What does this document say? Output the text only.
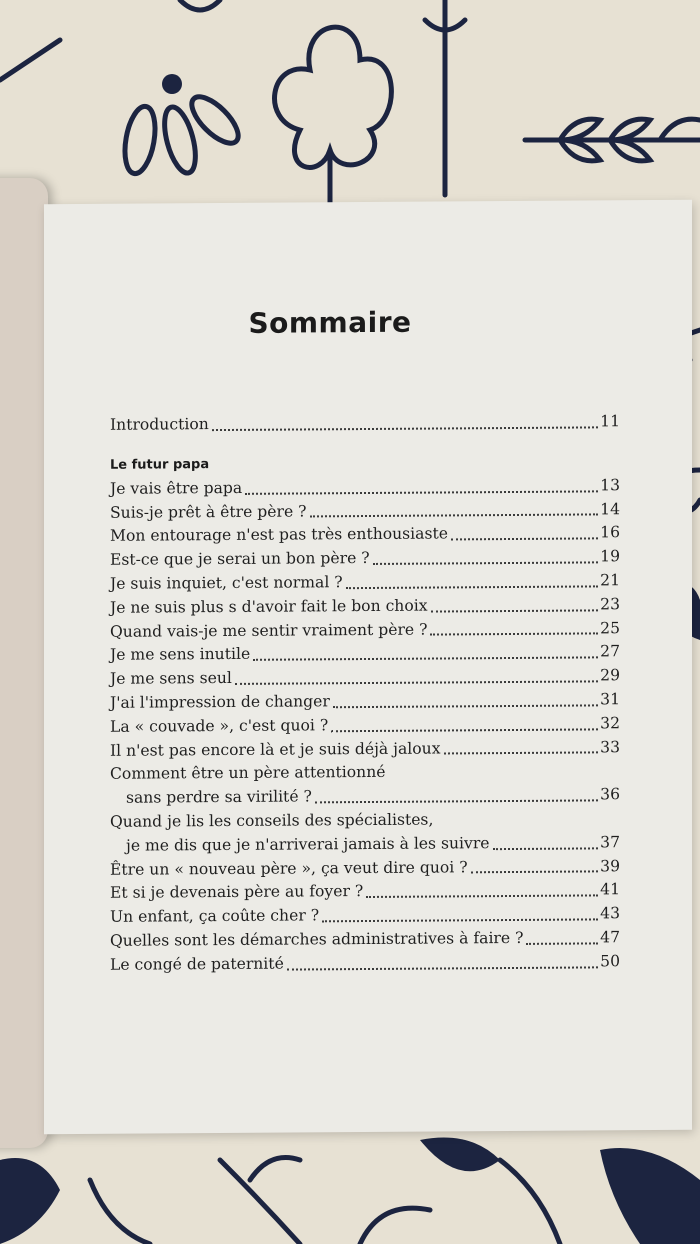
Sommaire
Introduction	11
Le futur papa
Je vais être papa	13
Suis-je prêt à être père ?	14
Mon entourage n'est pas très enthousiaste	16
Est-ce que je serai un bon père ?	19
Je suis inquiet, c'est normal ?	21
Je ne suis plus s d'avoir fait le bon choix	23
Quand vais-je me sentir vraiment père ?	25
Je me sens inutile	27
Je me sens seul	29
J'ai l'impression de changer	31
La « couvade », c'est quoi ?	32
Il n'est pas encore là et je suis déjà jaloux	33
Comment être un père attentionné
sans perdre sa virilité ?	36
Quand je lis les conseils des spécialistes,
je me dis que je n'arriverai jamais à les suivre	37
Être un « nouveau père », ça veut dire quoi ?	39
Et si je devenais père au foyer ?	41
Un enfant, ça coûte cher ?	43
Quelles sont les démarches administratives à faire ?	47
Le congé de paternité	50
